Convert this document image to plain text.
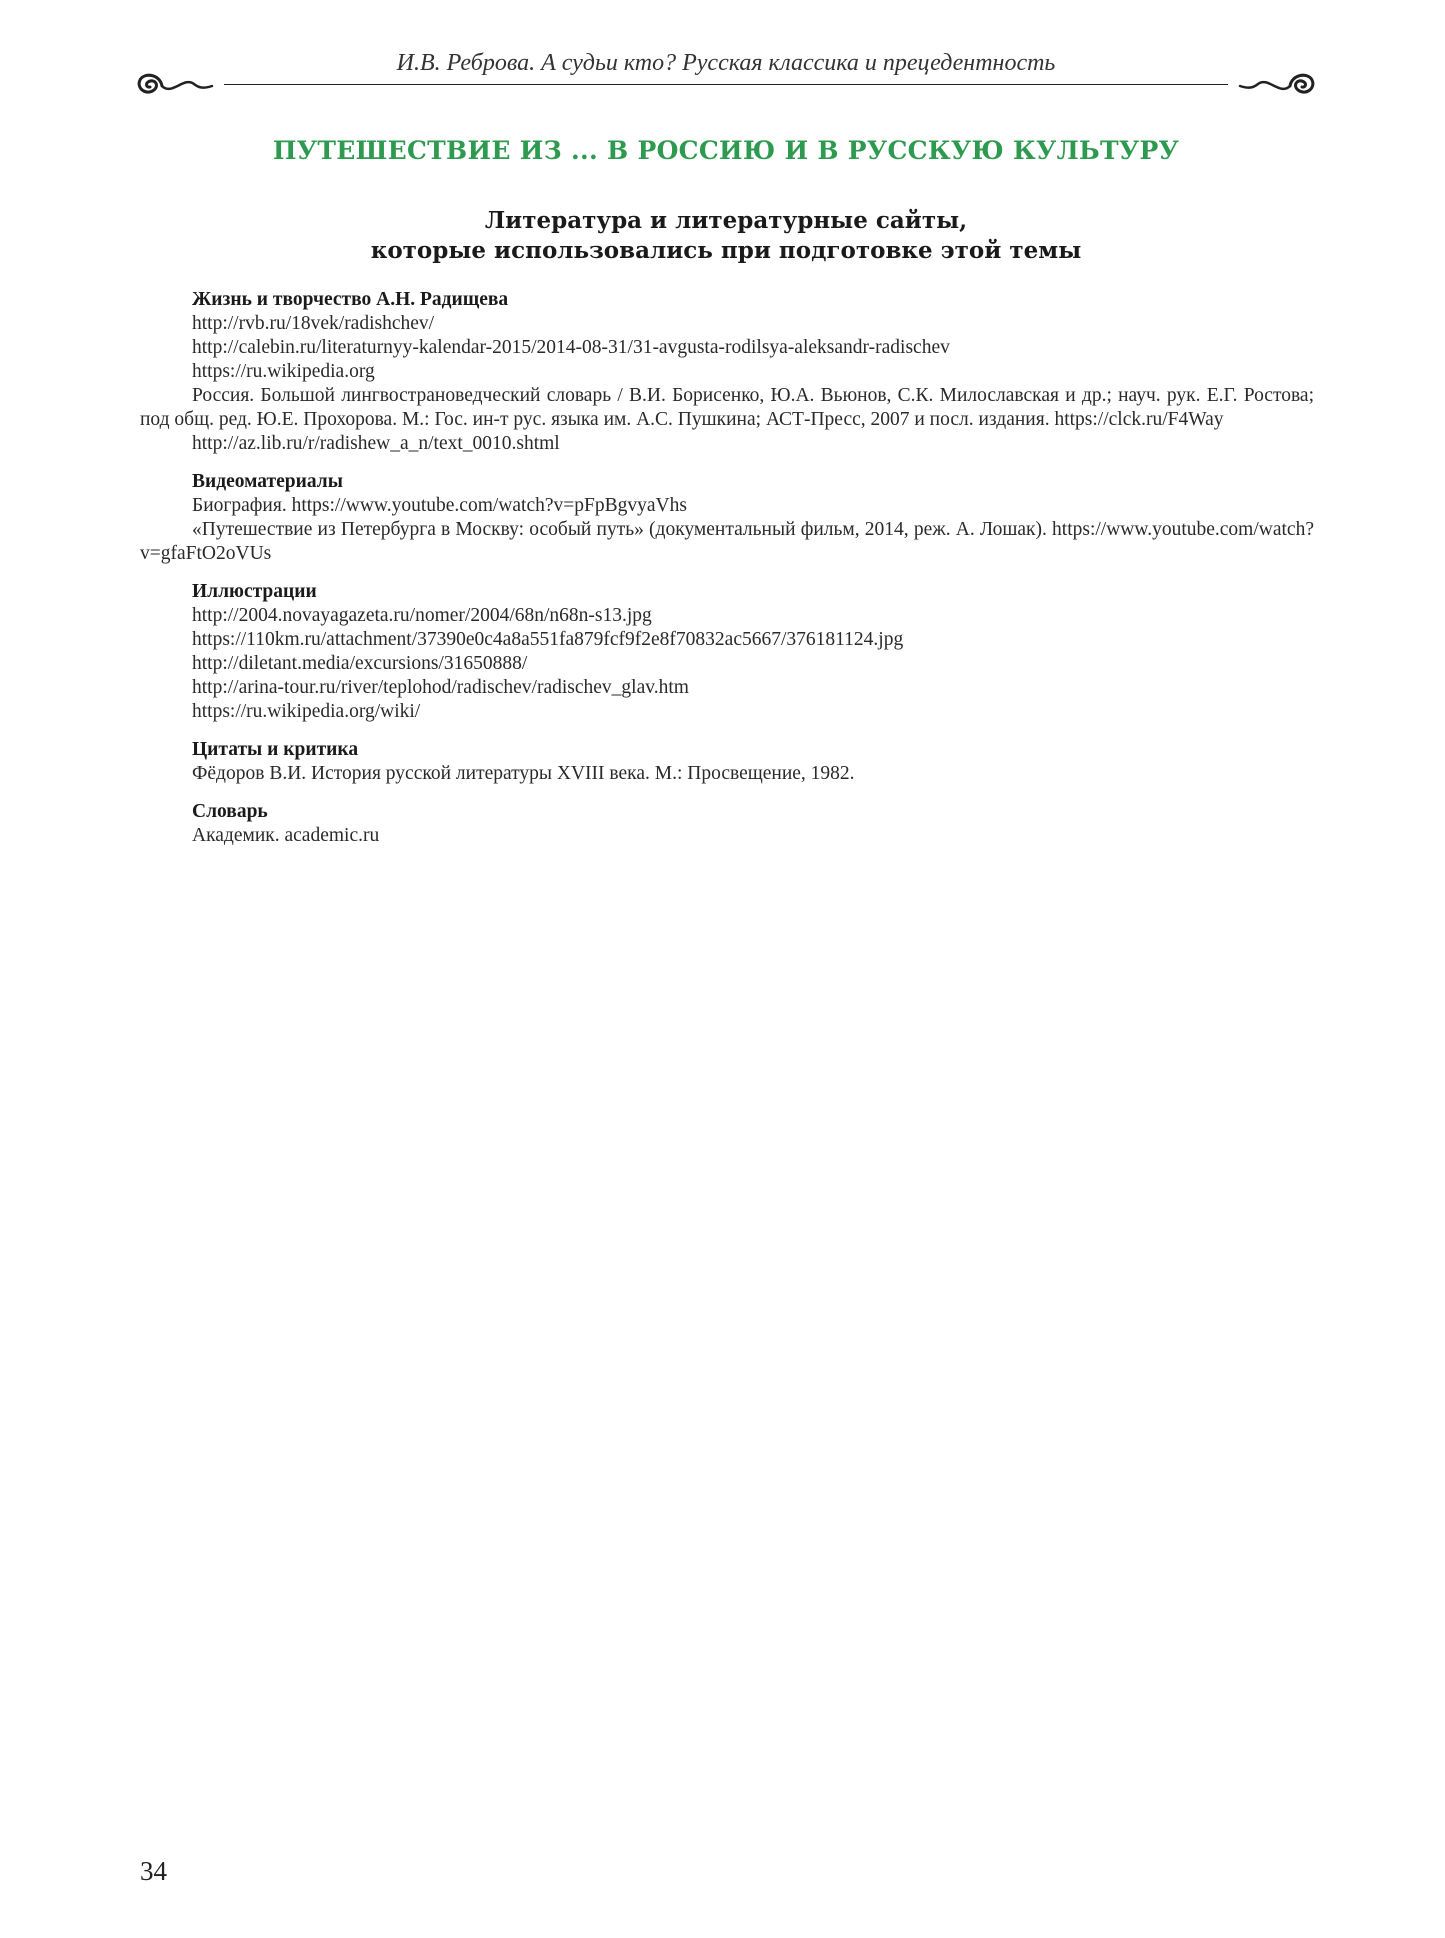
И.В. Реброва. А судьи кто? Русская классика и прецедентность
ПУТЕШЕСТВИЕ ИЗ ... В РОССИЮ И В РУССКУЮ КУЛЬТУРУ
Литература и литературные сайты,
которые использовались при подготовке этой темы
Жизнь и творчество А.Н. Радищева
http://rvb.ru/18vek/radishchev/
http://calebin.ru/literaturnyy-kalendar-2015/2014-08-31/31-avgusta-rodilsya-aleksandr-radischev
https://ru.wikipedia.org
Россия. Большой лингвострановедческий словарь / В.И. Борисенко, Ю.А. Вьюнов, С.К. Милославская и др.; науч. рук. Е.Г. Ростова; под общ. ред. Ю.Е. Прохорова. М.: Гос. ин-т рус. языка им. А.С. Пушкина; АСТ-Пресс, 2007 и посл. издания. https://clck.ru/F4Way
http://az.lib.ru/r/radishew_a_n/text_0010.shtml
Видеоматериалы
Биография. https://www.youtube.com/watch?v=pFpBgvyaVhs
«Путешествие из Петербурга в Москву: особый путь» (документальный фильм, 2014, реж. А. Лошак). https://www.youtube.com/watch?v=gfaFtO2oVUs
Иллюстрации
http://2004.novayagazeta.ru/nomer/2004/68n/n68n-s13.jpg
https://110km.ru/attachment/37390e0c4a8a551fa879fcf9f2e8f70832ac5667/376181124.jpg
http://diletant.media/excursions/31650888/
http://arina-tour.ru/river/teplohod/radischev/radischev_glav.htm
https://ru.wikipedia.org/wiki/
Цитаты и критика
Фёдоров В.И. История русской литературы XVIII века. М.: Просвещение, 1982.
Словарь
Академик. academic.ru
34
